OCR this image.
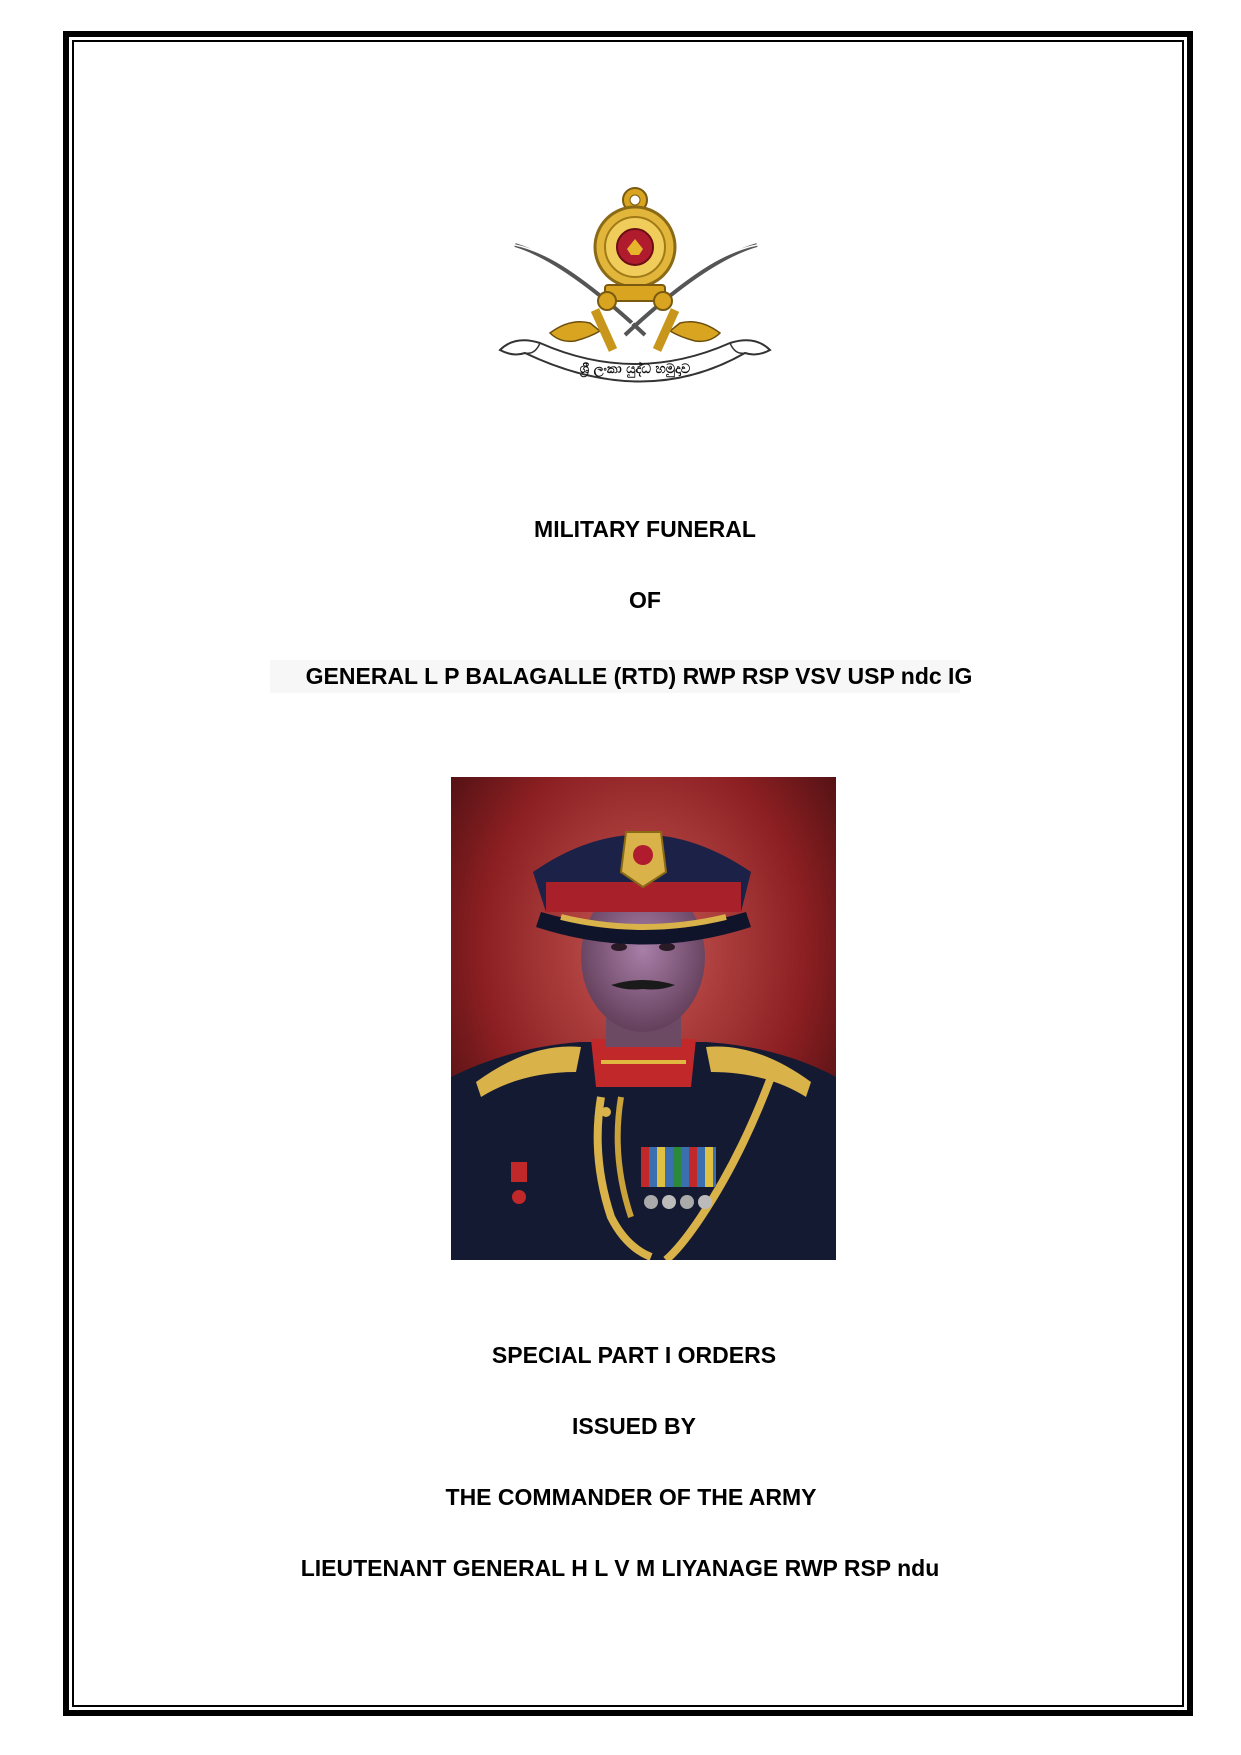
ශ්‍රී ලංකා යුද්ධ හමුදාව
MILITARY FUNERAL
OF
GENERAL L P BALAGALLE (RTD) RWP RSP VSV USP ndc IG
SPECIAL PART I ORDERS
ISSUED BY
THE COMMANDER OF THE ARMY
LIEUTENANT GENERAL H L V M LIYANAGE RWP RSP ndu
